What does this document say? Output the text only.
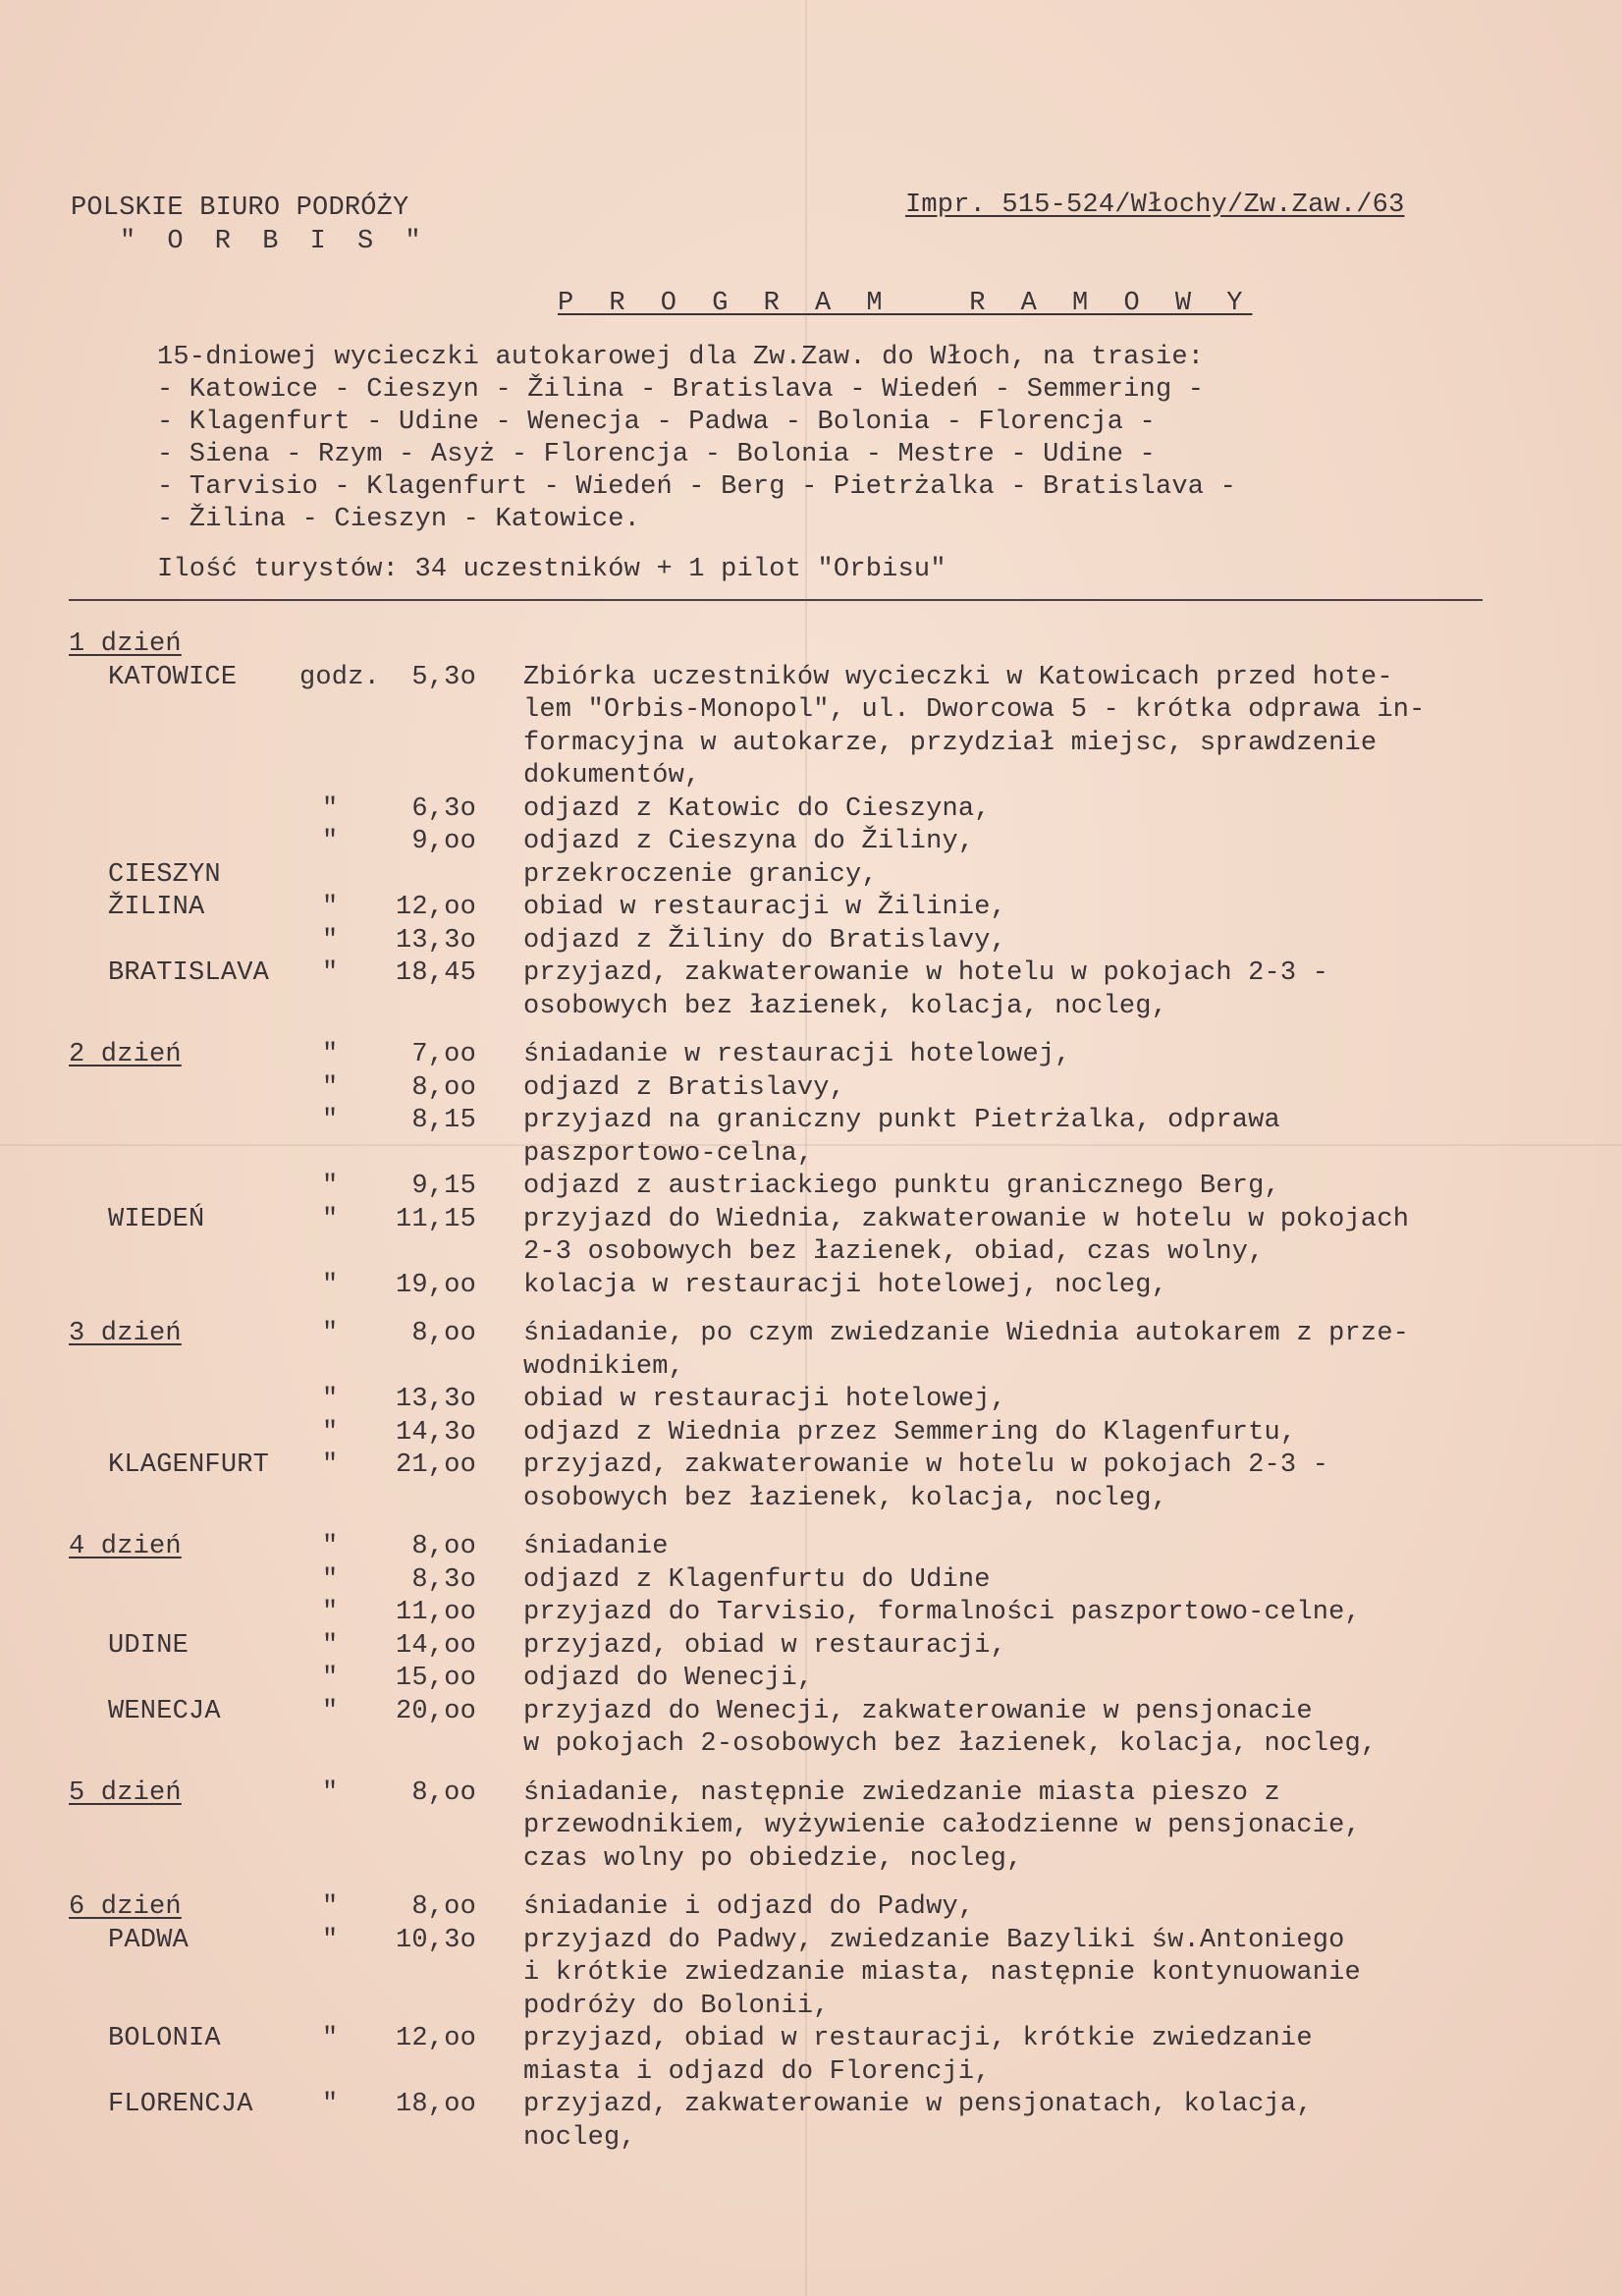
POLSKIE BIURO PODRÓŻY
" O R B I S "
Impr. 515-524/Włochy/Zw.Zaw./63
P R O G R A M   R A M O W Y
15-dniowej wycieczki autokarowej dla Zw.Zaw. do Włoch, na trasie:
- Katowice - Cieszyn - Žilina - Bratislava - Wiedeń - Semmering -
- Klagenfurt - Udine - Wenecja - Padwa - Bolonia - Florencja -
- Siena - Rzym - Asyż - Florencja - Bolonia - Mestre - Udine -
- Tarvisio - Klagenfurt - Wiedeń - Berg - Pietrżalka - Bratislava -
- Žilina - Cieszyn - Katowice.
Ilość turystów: 34 uczestników + 1 pilot "Orbisu"
1 dzień
KATOWICE godz.	5,3o Zbiórka uczestników wycieczki w Katowicach przed hote-
lem "Orbis-Monopol", ul. Dworcowa 5 - krótka odprawa in-
formacyjna w autokarze, przydział miejsc, sprawdzenie
dokumentów,
"	6,3o odjazd z Katowic do Cieszyna,
"	9,oo odjazd z Cieszyna do Žiliny,
CIESZYN	przekroczenie granicy,
ŽILINA	" 12,oo obiad w restauracji w Žilinie,
" 13,3o odjazd z Žiliny do Bratislavy,
BRATISLAVA " 18,45 przyjazd, zakwaterowanie w hotelu w pokojach 2-3 -
osobowych bez łazienek, kolacja, nocleg,
2 dzień	"	7,oo śniadanie w restauracji hotelowej,
"	8,oo odjazd z Bratislavy,
"	8,15 przyjazd na graniczny punkt Pietrżalka, odprawa
paszportowo-celna,
"	9,15 odjazd z austriackiego punktu granicznego Berg,
WIEDEŃ	" 11,15 przyjazd do Wiednia, zakwaterowanie w hotelu w pokojach
2-3 osobowych bez łazienek, obiad, czas wolny,
" 19,oo kolacja w restauracji hotelowej, nocleg,
3 dzień	"	8,oo śniadanie, po czym zwiedzanie Wiednia autokarem z prze-
wodnikiem,
" 13,3o obiad w restauracji hotelowej,
" 14,3o odjazd z Wiednia przez Semmering do Klagenfurtu,
KLAGENFURT " 21,oo przyjazd, zakwaterowanie w hotelu w pokojach 2-3 -
osobowych bez łazienek, kolacja, nocleg,
4 dzień	"	8,oo śniadanie
"	8,3o odjazd z Klagenfurtu do Udine
" 11,oo przyjazd do Tarvisio, formalności paszportowo-celne,
UDINE	" 14,oo przyjazd, obiad w restauracji,
" 15,oo odjazd do Wenecji,
WENECJA	" 20,oo przyjazd do Wenecji, zakwaterowanie w pensjonacie
w pokojach 2-osobowych bez łazienek, kolacja, nocleg,
5 dzień	"	8,oo śniadanie, następnie zwiedzanie miasta pieszo z
przewodnikiem, wyżywienie całodzienne w pensjonacie,
czas wolny po obiedzie, nocleg,
6 dzień	"	8,oo śniadanie i odjazd do Padwy,
PADWA	" 10,3o przyjazd do Padwy, zwiedzanie Bazyliki św.Antoniego
i krótkie zwiedzanie miasta, następnie kontynuowanie
podróży do Bolonii,
BOLONIA	" 12,oo przyjazd, obiad w restauracji, krótkie zwiedzanie
miasta i odjazd do Florencji,
FLORENCJA	" 18,oo przyjazd, zakwaterowanie w pensjonatach, kolacja,
nocleg,
